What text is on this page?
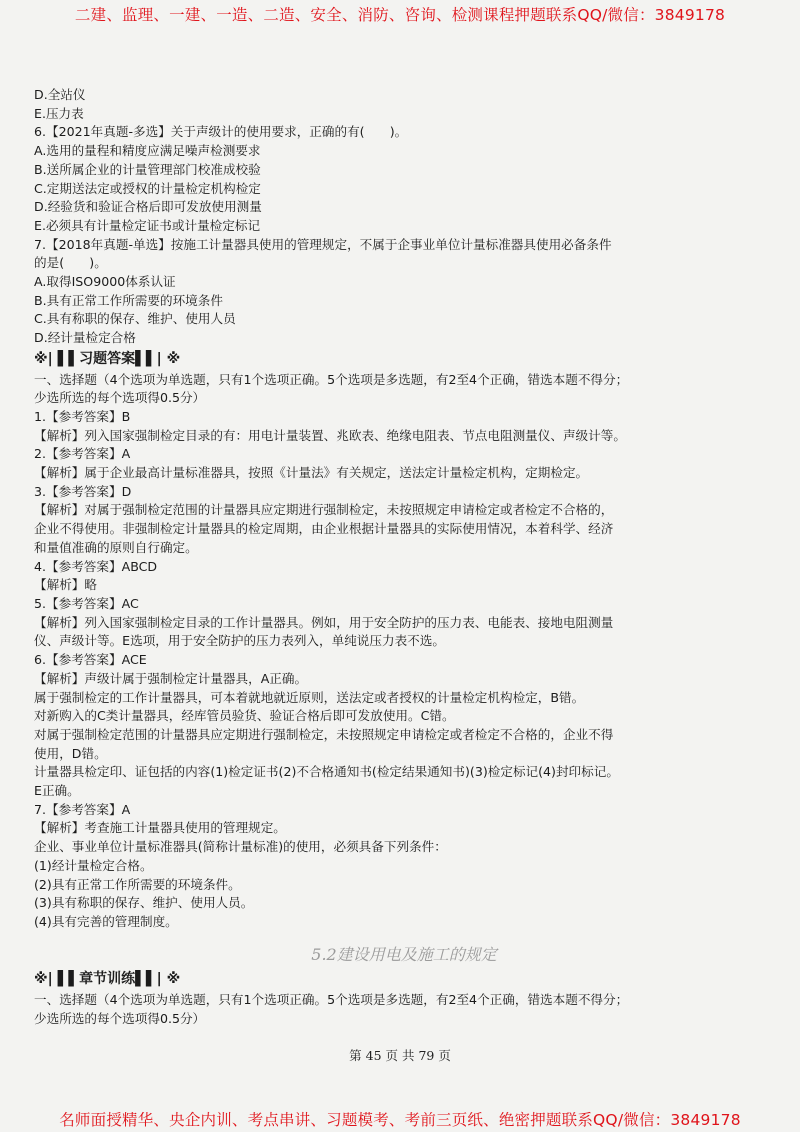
二建、监理、一建、一造、二造、安全、消防、咨询、检测课程押题联系QQ/微信：3849178
D.全站仪
E.压力表
6.【2021年真题-多选】关于声级计的使用要求，正确的有(　　)。
A.选用的量程和精度应满足噪声检测要求
B.送所属企业的计量管理部门校准成校验
C.定期送法定或授权的计量检定机构检定
D.经验货和验证合格后即可发放使用测量
E.必须具有计量检定证书或计量检定标记
7.【2018年真题-单选】按施工计量器具使用的管理规定，不属于企事业单位计量标准器具使用必备条件
的是(　　)。
A.取得ISO9000体系认证
B.具有正常工作所需要的环境条件
C.具有称职的保存、维护、使用人员
D.经计量检定合格
※| ▌▌习题答案▌▌| ※
一、选择题（4个选项为单选题，只有1个选项正确。5个选项是多选题，有2至4个正确，错选本题不得分；
少选所选的每个选项得0.5分）
1.【参考答案】B
【解析】列入国家强制检定目录的有：用电计量装置、兆欧表、绝缘电阻表、节点电阻测量仪、声级计等。
2.【参考答案】A
【解析】属于企业最高计量标准器具，按照《计量法》有关规定，送法定计量检定机构，定期检定。
3.【参考答案】D
【解析】对属于强制检定范围的计量器具应定期进行强制检定，未按照规定申请检定或者检定不合格的，
企业不得使用。非强制检定计量器具的检定周期，由企业根据计量器具的实际使用情况，本着科学、经济
和量值准确的原则自行确定。
4.【参考答案】ABCD
【解析】略
5.【参考答案】AC
【解析】列入国家强制检定目录的工作计量器具。例如，用于安全防护的压力表、电能表、接地电阻测量
仪、声级计等。E选项，用于安全防护的压力表列入，单纯说压力表不选。
6.【参考答案】ACE
【解析】声级计属于强制检定计量器具，A正确。
属于强制检定的工作计量器具，可本着就地就近原则，送法定或者授权的计量检定机构检定，B错。
对新购入的C类计量器具，经库管员验货、验证合格后即可发放使用。C错。
对属于强制检定范围的计量器具应定期进行强制检定，未按照规定申请检定或者检定不合格的，企业不得
使用，D错。
计量器具检定印、证包括的内容(1)检定证书(2)不合格通知书(检定结果通知书)(3)检定标记(4)封印标记。
E正确。
7.【参考答案】A
【解析】考查施工计量器具使用的管理规定。
企业、事业单位计量标准器具(简称计量标准)的使用，必须具备下列条件：
(1)经计量检定合格。
(2)具有正常工作所需要的环境条件。
(3)具有称职的保存、维护、使用人员。
(4)具有完善的管理制度。
5.2建设用电及施工的规定
※| ▌▌章节训练▌▌| ※
一、选择题（4个选项为单选题，只有1个选项正确。5个选项是多选题，有2至4个正确，错选本题不得分；
少选所选的每个选项得0.5分）
第 45 页 共 79 页
名师面授精华、央企内训、考点串讲、习题模考、考前三页纸、绝密押题联系QQ/微信：3849178
